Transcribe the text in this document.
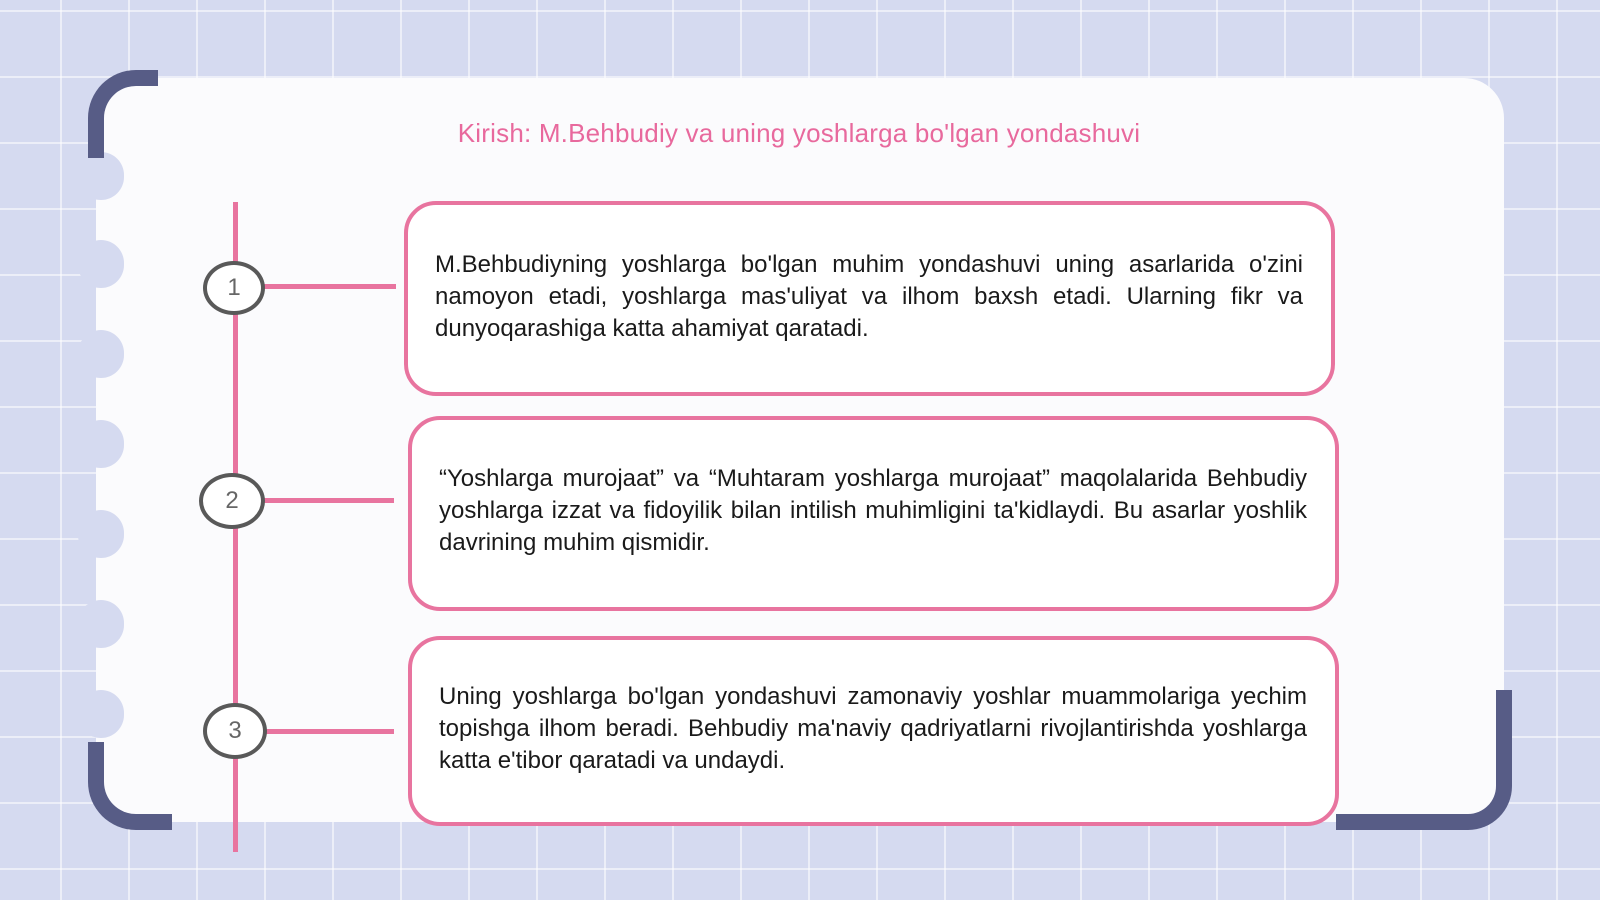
Kirish: M.Behbudiy va uning yoshlarga bo'lgan yondashuvi
1

M.Behbudiyning yoshlarga bo'lgan muhim yondashuvi uning asarlarida o'zini namoyon etadi, yoshlarga mas'uliyat va ilhom baxsh etadi. Ularning fikr va dunyoqarashiga katta ahamiyat qaratadi.

2

“Yoshlarga murojaat” va “Muhtaram yoshlarga murojaat” maqolalarida Behbudiy yoshlarga izzat va fidoyilik bilan intilish muhimligini ta'kidlaydi. Bu asarlar yoshlik davrining muhim qismidir.

3

Uning yoshlarga bo'lgan yondashuvi zamonaviy yoshlar muammolariga yechim topishga ilhom beradi. Behbudiy ma'naviy qadriyatlarni rivojlantirishda yoshlarga katta e'tibor qaratadi va undaydi.
